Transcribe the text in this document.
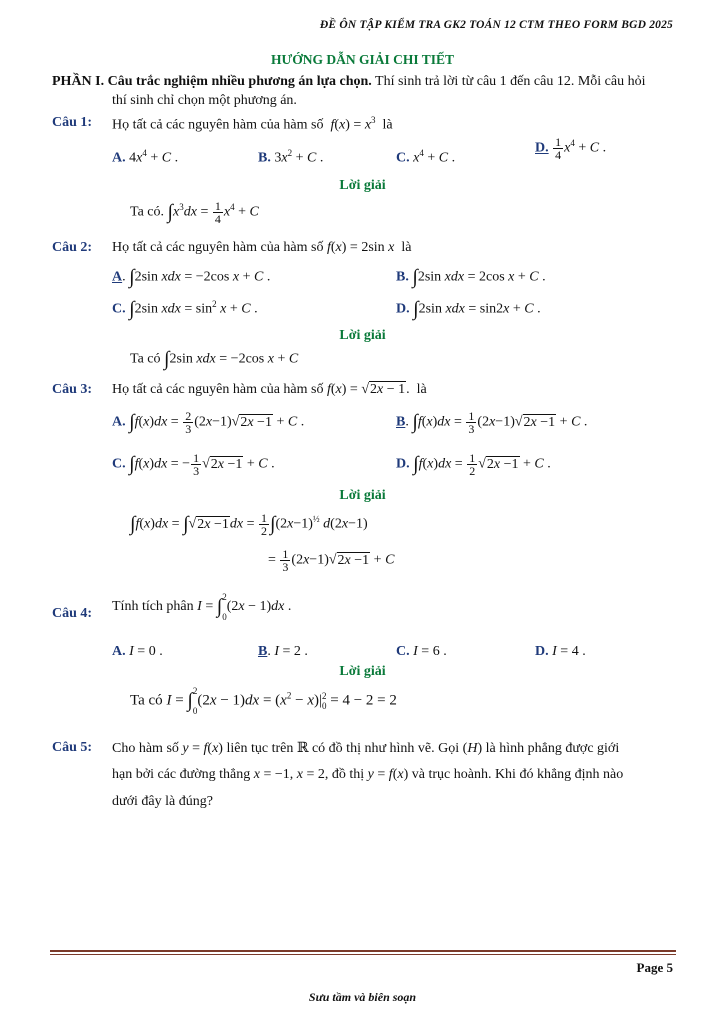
ĐỀ ÔN TẬP KIỂM TRA GK2 TOÁN 12 CTM THEO FORM BGD 2025
HƯỚNG DẪN GIẢI CHI TIẾT
PHẦN I. Câu trắc nghiệm nhiều phương án lựa chọn. Thí sinh trả lời từ câu 1 đến câu 12. Mỗi câu hỏi
thí sinh chỉ chọn một phương án.
Câu 1: Họ tất cả các nguyên hàm của hàm số  $f(x) = x^3$ là
A. $4x^4 + C$ .	B. $3x^2 + C$ .	C. $x^4 + C$ .
D. $\frac{1}{4} x^4 + C$ .
Lời giải
Ta có. $\int x^3dx = \frac{1}{4} x^4 + C$
Câu 2: Họ tất cả các nguyên hàm của hàm số f(x) = 2sin x là
A. ∫2sin xdx = −2cos x + C .	B. ∫2sin xdx = 2cos x + C .
C. ∫2sin xdx = $\sin^2 x + C$ .	D. ∫2sin xdx = sin2x + C .
Lời giải
Ta có ∫2sin xdx = −2cos x + C
Câu 3: Họ tất cả các nguyên hàm của hàm số f(x) = √2x − 1.  là
A. $\int f(x)dx = \frac{2}{3} (2x-1)√2x -1 + C$ .	B. $\int f(x)dx = \frac{1}{3} (2x-1)√2x -1 + C$ .
C. ∫f(x)dx = − $\frac{1}{3} √2x -1 + C$ .	D. $\int f(x)dx = \frac{1}{2} √2x -1 + C$ .
Lời giải
$\int f(x)dx = \int√2x -1dx = \frac{1}{2} \int(2x-1)^{\frac{1}{2}}$ d(2x−1)
= $\frac{1}{3} (2x-1)√2x -1 + C$
Câu 4: Tính tích phân I = ∫2

0(2x − 1)dx .
A. I = 0 .	B. I = 2 .	C. I = 6 .	D. I = 4 .
Lời giải
Ta có I = ∫2

$0(2x - 1)dx = (x^2 - x)|2$
0 = 4 − 2 = 2
Câu 5: Cho hàm số y = f(x) liên tục trên ℝ có đồ thị như hình vẽ. Gọi (H) là hình phẳng được giới
hạn bởi các đường thẳng x = −1, x = 2, đồ thị y = f(x) và trục hoành. Khi đó khẳng định nào
dưới đây là đúng?
Page 5
Sưu tầm và biên soạn
